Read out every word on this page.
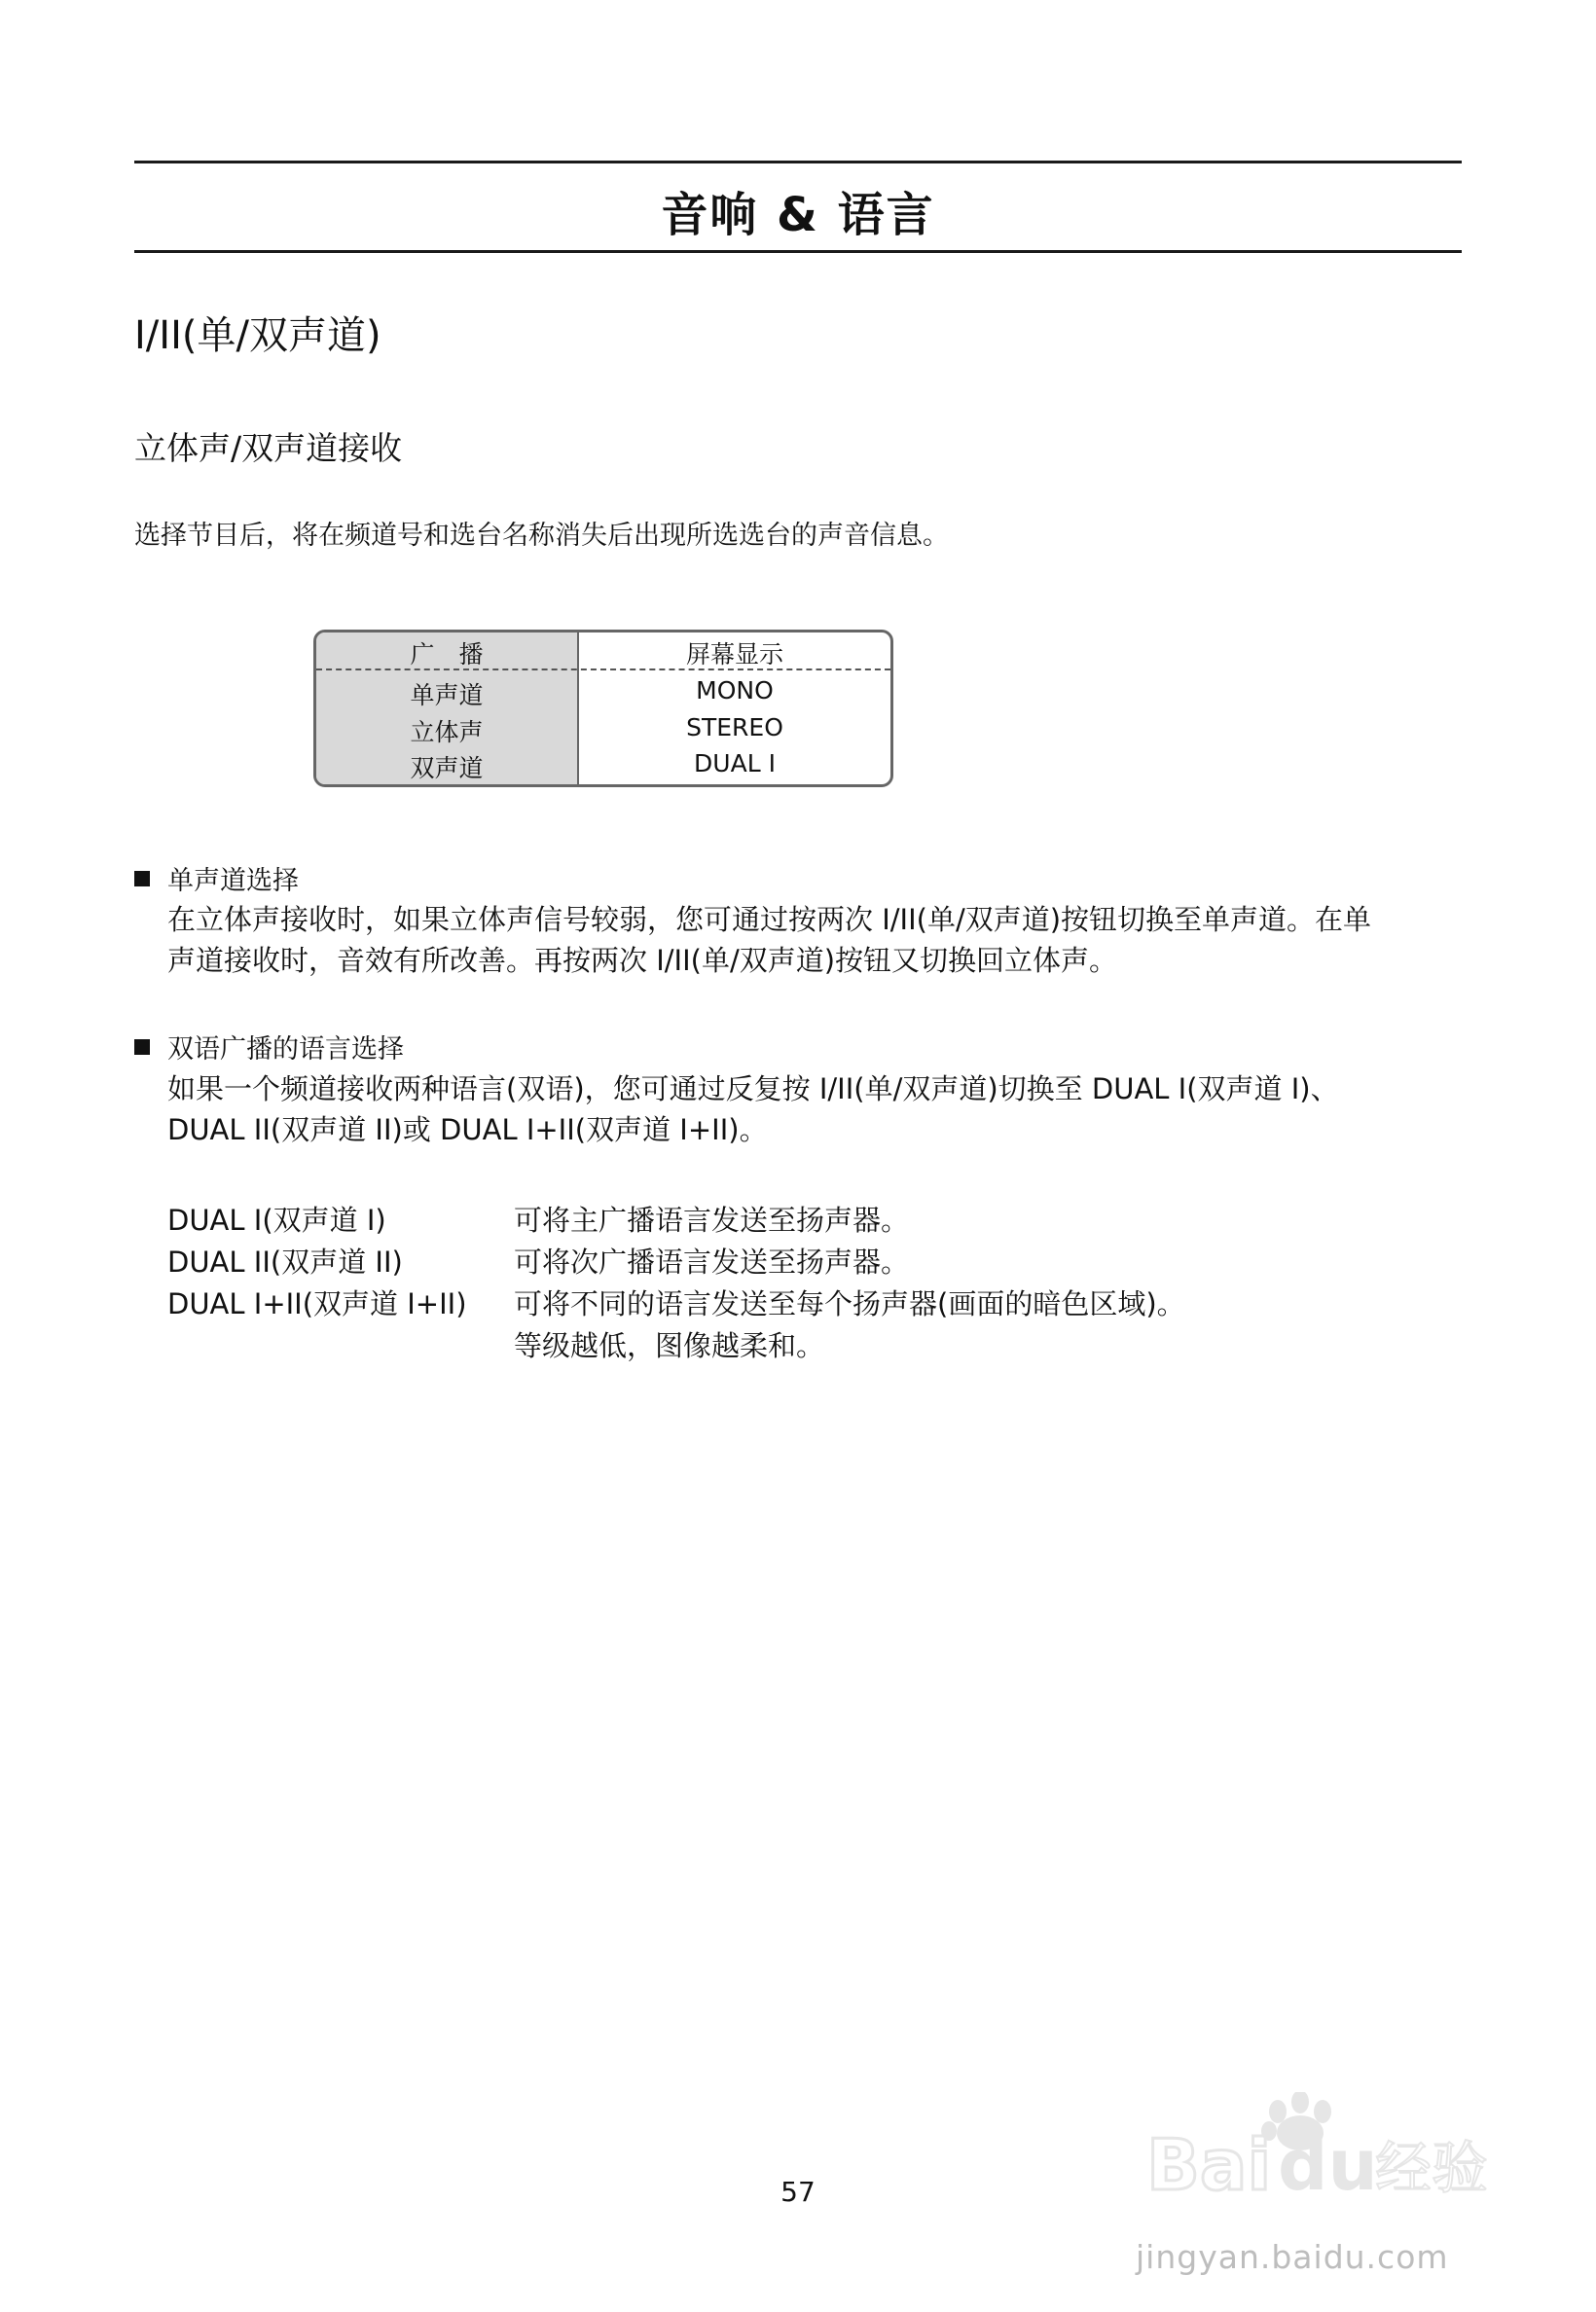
音响 & 语言
I/II(单/双声道)
立体声/双声道接收

选择节目后，将在频道号和选台名称消失后出现所选选台的声音信息。

广　播	屏幕显示
单声道	MONO
立体声	STEREO
双声道	DUAL I
单声道选择
在立体声接收时，如果立体声信号较弱，您可通过按两次 I/II(单/双声道)按钮切换至单声道。在单
声道接收时，音效有所改善。再按两次 I/II(单/双声道)按钮又切换回立体声。
双语广播的语言选择
如果一个频道接收两种语言(双语)，您可通过反复按 I/II(单/双声道)切换至 DUAL I(双声道 I)、
DUAL II(双声道 II)或 DUAL I+II(双声道 I+II)。
DUAL I(双声道 I)	可将主广播语言发送至扬声器。
DUAL II(双声道 II)	可将次广播语言发送至扬声器。
DUAL I+II(双声道 I+II) 可将不同的语言发送至每个扬声器(画面的暗色区域)。
等级越低，图像越柔和。
57	Bai du
经验
jingyan.baidu.com
